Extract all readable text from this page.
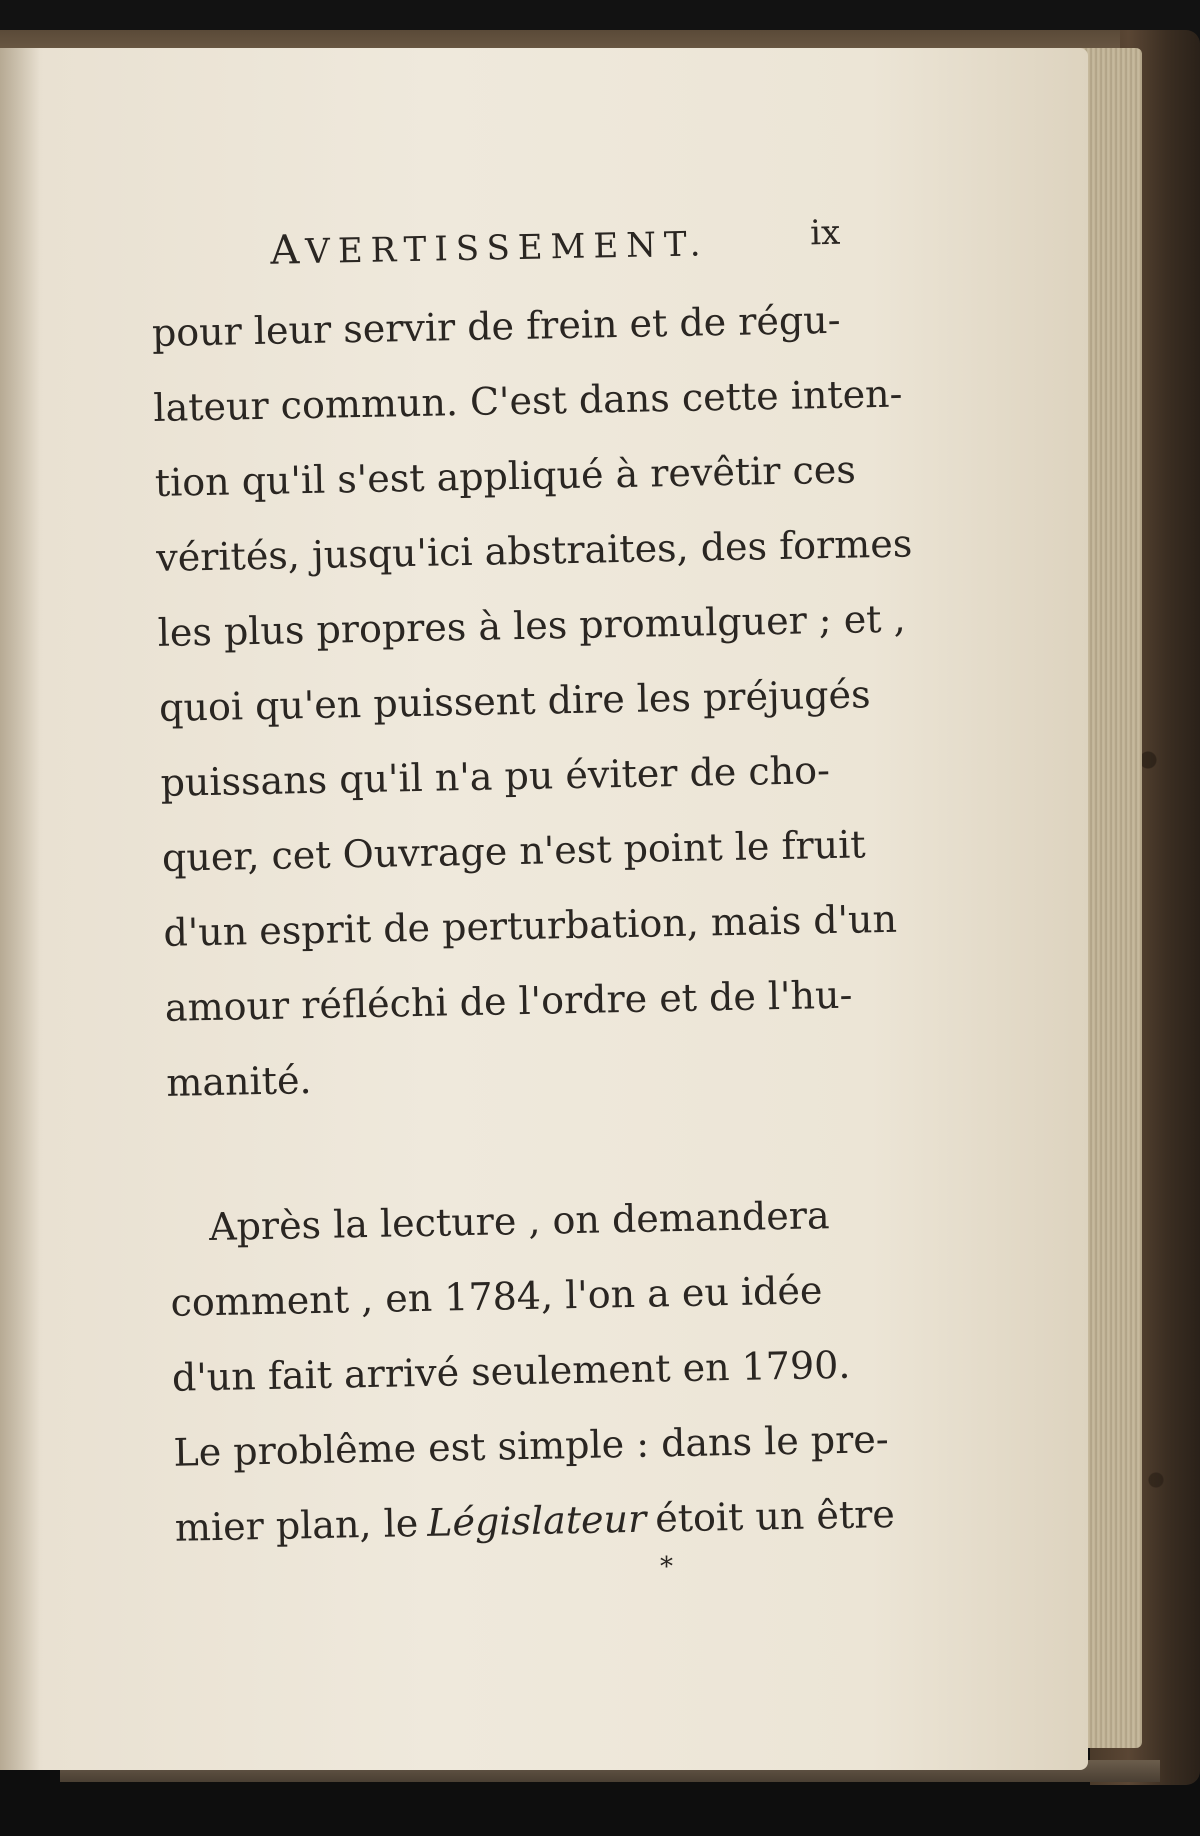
AVERTISSEMENT.	ix
pour leur servir de frein et de régu-
lateur commun. C'est dans cette inten-
tion qu'il s'est appliqué à revêtir ces
vérités, jusqu'ici abstraites, des formes
les plus propres à les promulguer ; et ,
quoi qu'en puissent dire les préjugés
puissans qu'il n'a pu éviter de cho-
quer, cet Ouvrage n'est point le fruit
d'un esprit de perturbation, mais d'un
amour réfléchi de l'ordre et de l'hu-
manité.
Après la lecture , on demandera
comment , en 1784, l'on a eu idée
d'un fait arrivé seulement en 1790.
Le problême est simple : dans le pre-
mier plan, le Législateur étoit un être
*
